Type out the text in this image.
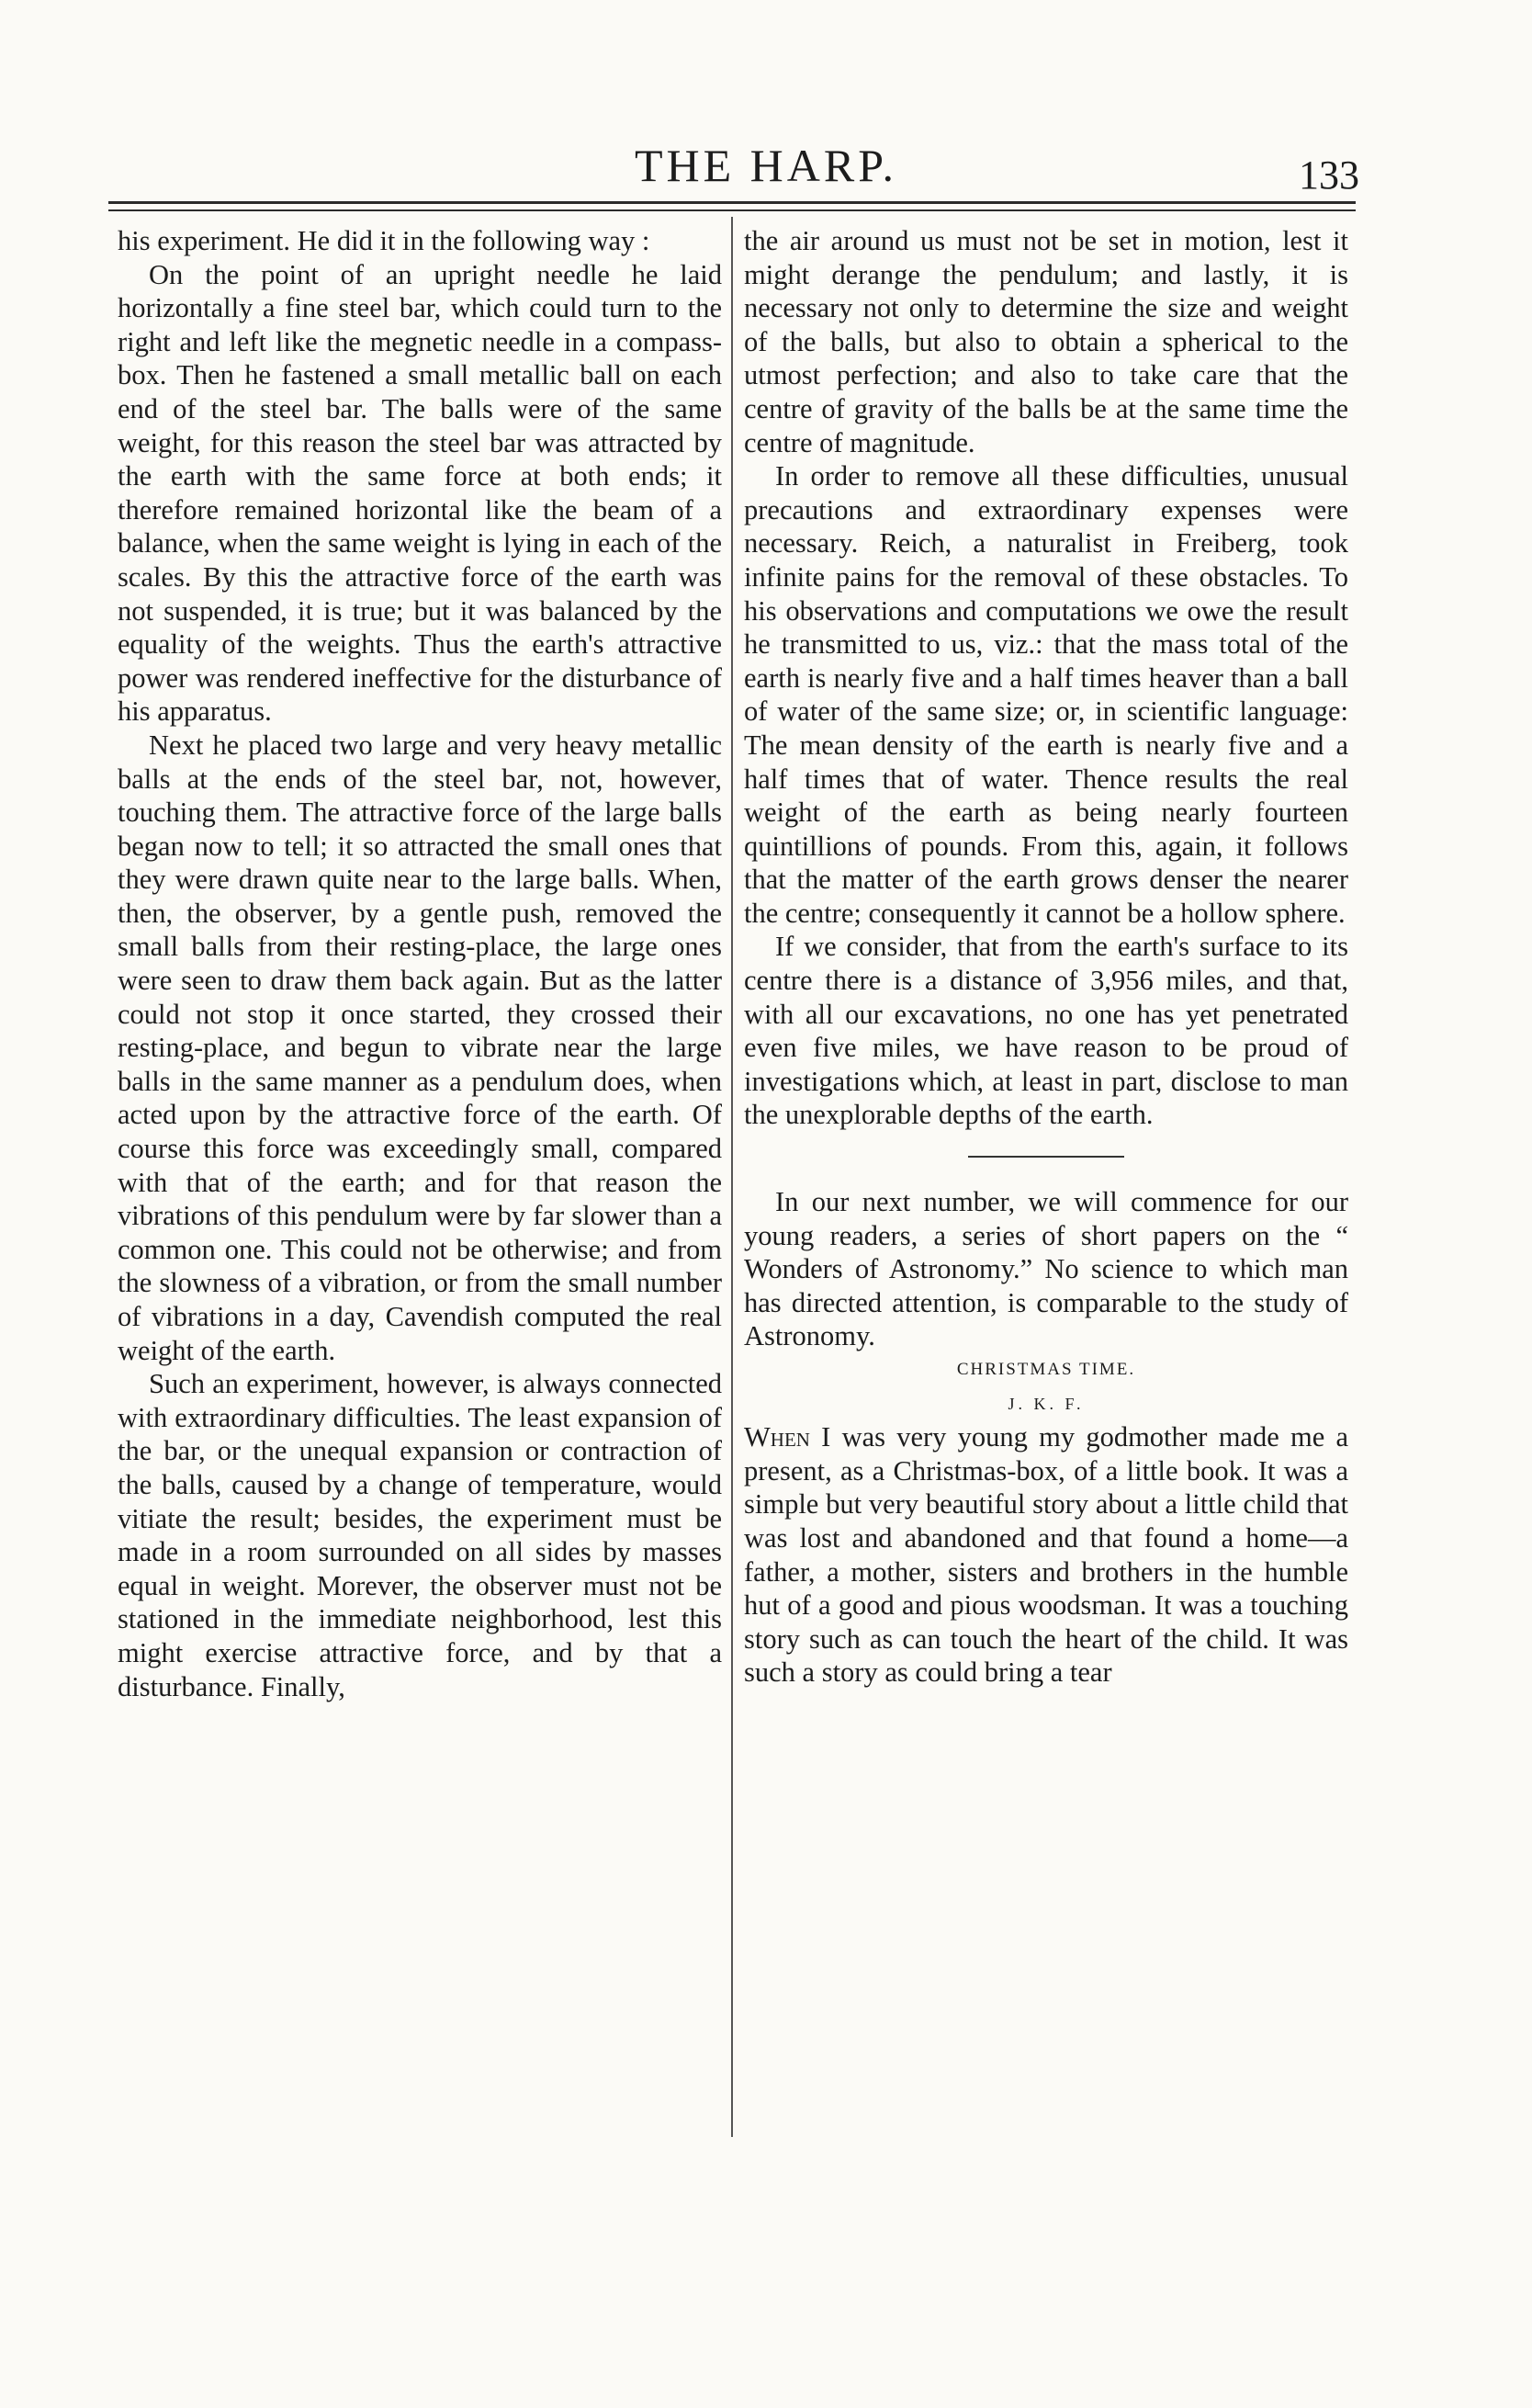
THE HARP.	133

his experiment. He did it in the following way :

On the point of an upright needle he laid horizontally a fine steel bar, which could turn to the right and left like the megnetic needle in a compass-box. Then he fastened a small metallic ball on each end of the steel bar. The balls were of the same weight, for this reason the steel bar was attracted by the earth with the same force at both ends; it therefore remained horizontal like the beam of a balance, when the same weight is lying in each of the scales. By this the attractive force of the earth was not suspended, it is true; but it was balanced by the equality of the weights. Thus the earth's attractive power was rendered ineffective for the disturbance of his apparatus.

Next he placed two large and very heavy metallic balls at the ends of the steel bar, not, however, touching them. The attractive force of the large balls began now to tell; it so attracted the small ones that they were drawn quite near to the large balls. When, then, the observer, by a gentle push, removed the small balls from their resting-place, the large ones were seen to draw them back again. But as the latter could not stop it once started, they crossed their resting-place, and begun to vibrate near the large balls in the same manner as a pendulum does, when acted upon by the attractive force of the earth. Of course this force was exceedingly small, compared with that of the earth; and for that reason the vibrations of this pendulum were by far slower than a common one. This could not be otherwise; and from the slowness of a vibration, or from the small number of vibrations in a day, Cavendish computed the real weight of the earth.

Such an experiment, however, is always connected with extraordinary difficulties. The least expansion of the bar, or the unequal expansion or contraction of the balls, caused by a change of temperature, would vitiate the result; besides, the experiment must be made in a room surrounded on all sides by masses equal in weight. Morever, the observer must not be stationed in the immediate neighborhood, lest this might exercise attractive force, and by that a disturbance. Finally,

the air around us must not be set in motion, lest it might derange the pendulum; and lastly, it is necessary not only to determine the size and weight of the balls, but also to obtain a spherical to the utmost perfection; and also to take care that the centre of gravity of the balls be at the same time the centre of magnitude.

In order to remove all these difficulties, unusual precautions and extraordinary expenses were necessary. Reich, a naturalist in Freiberg, took infinite pains for the removal of these obstacles. To his observations and computations we owe the result he transmitted to us, viz.: that the mass total of the earth is nearly five and a half times heaver than a ball of water of the same size; or, in scientific language: The mean density of the earth is nearly five and a half times that of water. Thence results the real weight of the earth as being nearly fourteen quintillions of pounds. From this, again, it follows that the matter of the earth grows denser the nearer the centre; consequently it cannot be a hollow sphere.

If we consider, that from the earth's surface to its centre there is a distance of 3,956 miles, and that, with all our excavations, no one has yet penetrated even five miles, we have reason to be proud of investigations which, at least in part, disclose to man the unexplorable depths of the earth.

In our next number, we will commence for our young readers, a series of short papers on the “ Wonders of Astronomy.” No science to which man has directed attention, is comparable to the study of Astronomy.

CHRISTMAS TIME.

J. K. F.

When I was very young my godmother made me a present, as a Christmas-box, of a little book. It was a simple but very beautiful story about a little child that was lost and abandoned and that found a home—a father, a mother, sisters and brothers in the humble hut of a good and pious woodsman. It was a touching story such as can touch the heart of the child. It was such a story as could bring a tear
